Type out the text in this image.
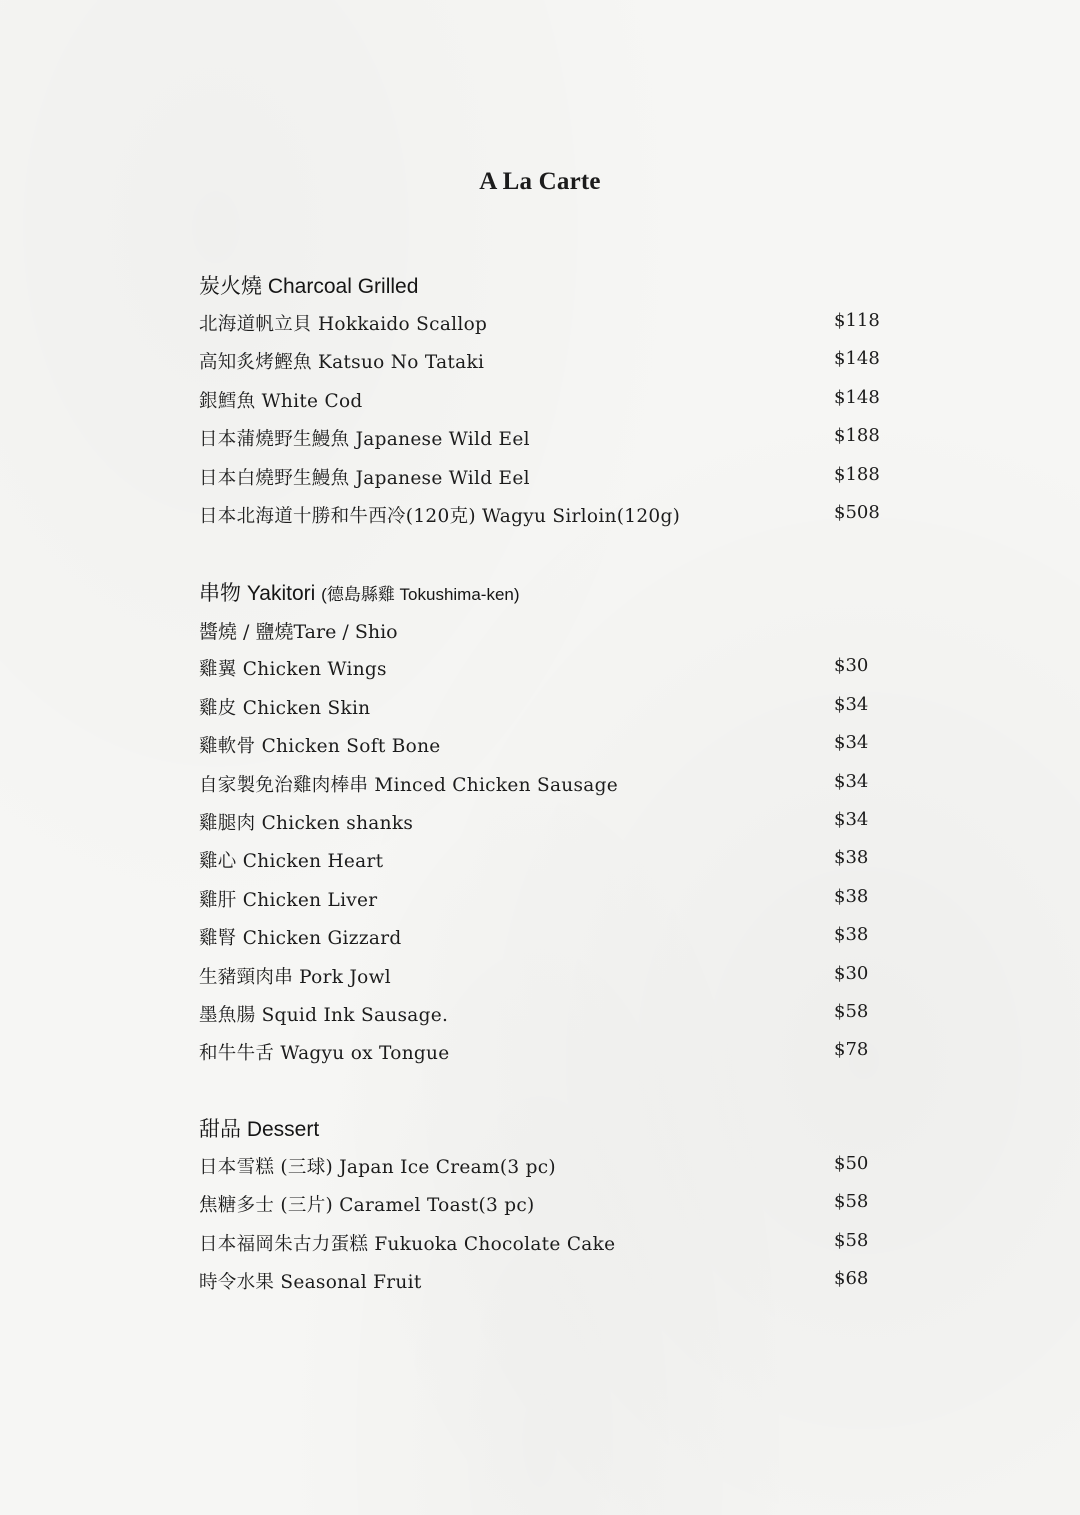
A La Carte
炭火燒 Charcoal Grilled
北海道帆立貝 Hokkaido Scallop	$118
高知炙烤鰹魚 Katsuo No Tataki	$148
銀鱈魚 White Cod	$148
日本蒲燒野生鰻魚 Japanese Wild Eel	$188
日本白燒野生鰻魚 Japanese Wild Eel	$188
日本北海道十勝和牛西冷(120克) Wagyu Sirloin(120g)	$508
串物 Yakitori (德島縣雞 Tokushima-ken)
醬燒 / 鹽燒Tare / Shio
雞翼 Chicken Wings	$30
雞皮 Chicken Skin	$34
雞軟骨 Chicken Soft Bone	$34
自家製免治雞肉棒串 Minced Chicken Sausage	$34
雞腿肉 Chicken shanks	$34
雞心 Chicken Heart	$38
雞肝 Chicken Liver	$38
雞腎 Chicken Gizzard	$38
生豬頸肉串 Pork Jowl	$30
墨魚腸 Squid Ink Sausage.	$58
和牛牛舌 Wagyu ox Tongue	$78
甜品 Dessert
日本雪糕 (三球) Japan Ice Cream(3 pc)	$50
焦糖多士 (三片) Caramel Toast(3 pc)	$58
日本福岡朱古力蛋糕 Fukuoka Chocolate Cake	$58
時令水果 Seasonal Fruit	$68
